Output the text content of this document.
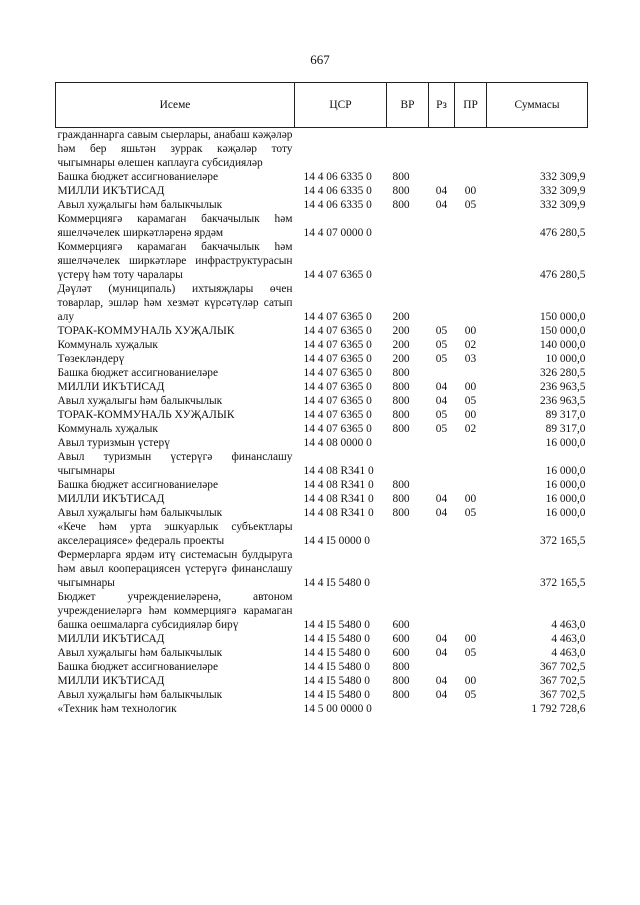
667
Исеме	ЦСР	ВР	Рз	ПР	Суммасы
гражданнарга савым сыерлары, анабаш кәҗәләр һәм бер яшьтән зуррак кәҗәләр тоту чыгымнары өлешен каплауга субсидияләр					
Башка бюджет ассигнованиеләре	14 4 06 6335 0	800			332 309,9
МИЛЛИ ИКЪТИСАД	14 4 06 6335 0	800	04	00	332 309,9
Авыл хуҗалыгы һәм балыкчылык	14 4 06 6335 0	800	04	05	332 309,9
Коммерциягә карамаган бакчачылык һәм яшелчәчелек ширкәтләренә ярдәм	14 4 07 0000 0				476 280,5
Коммерциягә карамаган бакчачылык һәм яшелчәчелек ширкәтләре инфраструктурасын үстерү һәм тоту чаралары	14 4 07 6365 0				476 280,5
Дәүләт (муниципаль) ихтыяҗлары өчен товарлар, эшләр һәм хезмәт күрсәтүләр сатып алу	14 4 07 6365 0	200			150 000,0
ТОРАК-КОММУНАЛЬ ХУҖАЛЫК	14 4 07 6365 0	200	05	00	150 000,0
Коммуналь хуҗалык	14 4 07 6365 0	200	05	02	140 000,0
Төзекләндерү	14 4 07 6365 0	200	05	03	10 000,0
Башка бюджет ассигнованиеләре	14 4 07 6365 0	800			326 280,5
МИЛЛИ ИКЪТИСАД	14 4 07 6365 0	800	04	00	236 963,5
Авыл хуҗалыгы һәм балыкчылык	14 4 07 6365 0	800	04	05	236 963,5
ТОРАК-КОММУНАЛЬ ХУҖАЛЫК	14 4 07 6365 0	800	05	00	89 317,0
Коммуналь хуҗалык	14 4 07 6365 0	800	05	02	89 317,0
Авыл туризмын үстерү	14 4 08 0000 0				16 000,0
Авыл туризмын үстерүгә финанслашу чыгымнары	14 4 08 R341 0				16 000,0
Башка бюджет ассигнованиеләре	14 4 08 R341 0	800			16 000,0
МИЛЛИ ИКЪТИСАД	14 4 08 R341 0	800	04	00	16 000,0
Авыл хуҗалыгы һәм балыкчылык	14 4 08 R341 0	800	04	05	16 000,0
«Кече һәм урта эшкуарлык субъектлары акселерациясе» федераль проекты	14 4 I5 0000 0				372 165,5
Фермерларга ярдәм итү системасын булдыруга һәм авыл кооперациясен үстерүгә финанслашу чыгымнары	14 4 I5 5480 0				372 165,5
Бюджет учреждениеләренә, автоном учреждениеләргә һәм коммерциягә карамаган башка оешмаларга субсидияләр бирү	14 4 I5 5480 0	600			4 463,0
МИЛЛИ ИКЪТИСАД	14 4 I5 5480 0	600	04	00	4 463,0
Авыл хуҗалыгы һәм балыкчылык	14 4 I5 5480 0	600	04	05	4 463,0
Башка бюджет ассигнованиеләре	14 4 I5 5480 0	800			367 702,5
МИЛЛИ ИКЪТИСАД	14 4 I5 5480 0	800	04	00	367 702,5
Авыл хуҗалыгы һәм балыкчылык	14 4 I5 5480 0	800	04	05	367 702,5
«Техник һәм технологик	14 5 00 0000 0				1 792 728,6
